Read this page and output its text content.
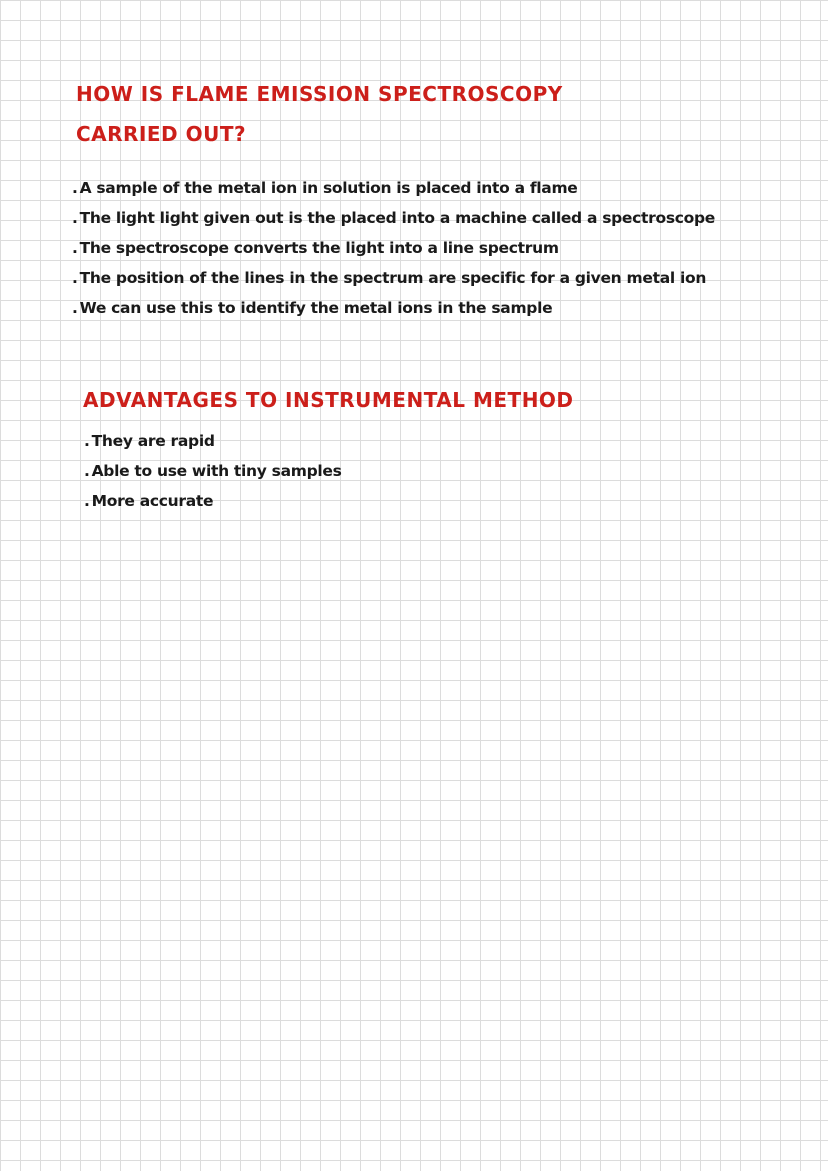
HOW IS FLAME EMISSION SPECTROSCOPY
CARRIED OUT?
. A sample of the metal ion in solution is placed into a flame
. The light light given out is the placed into a machine called a spectroscope
. The spectroscope converts the light into a line spectrum
. The position of the lines in the spectrum are specific for a given metal ion
. We can use this to identify the metal ions in the sample
ADVANTAGES TO INSTRUMENTAL METHOD
. They are rapid
. Able to use with tiny samples
. More accurate
